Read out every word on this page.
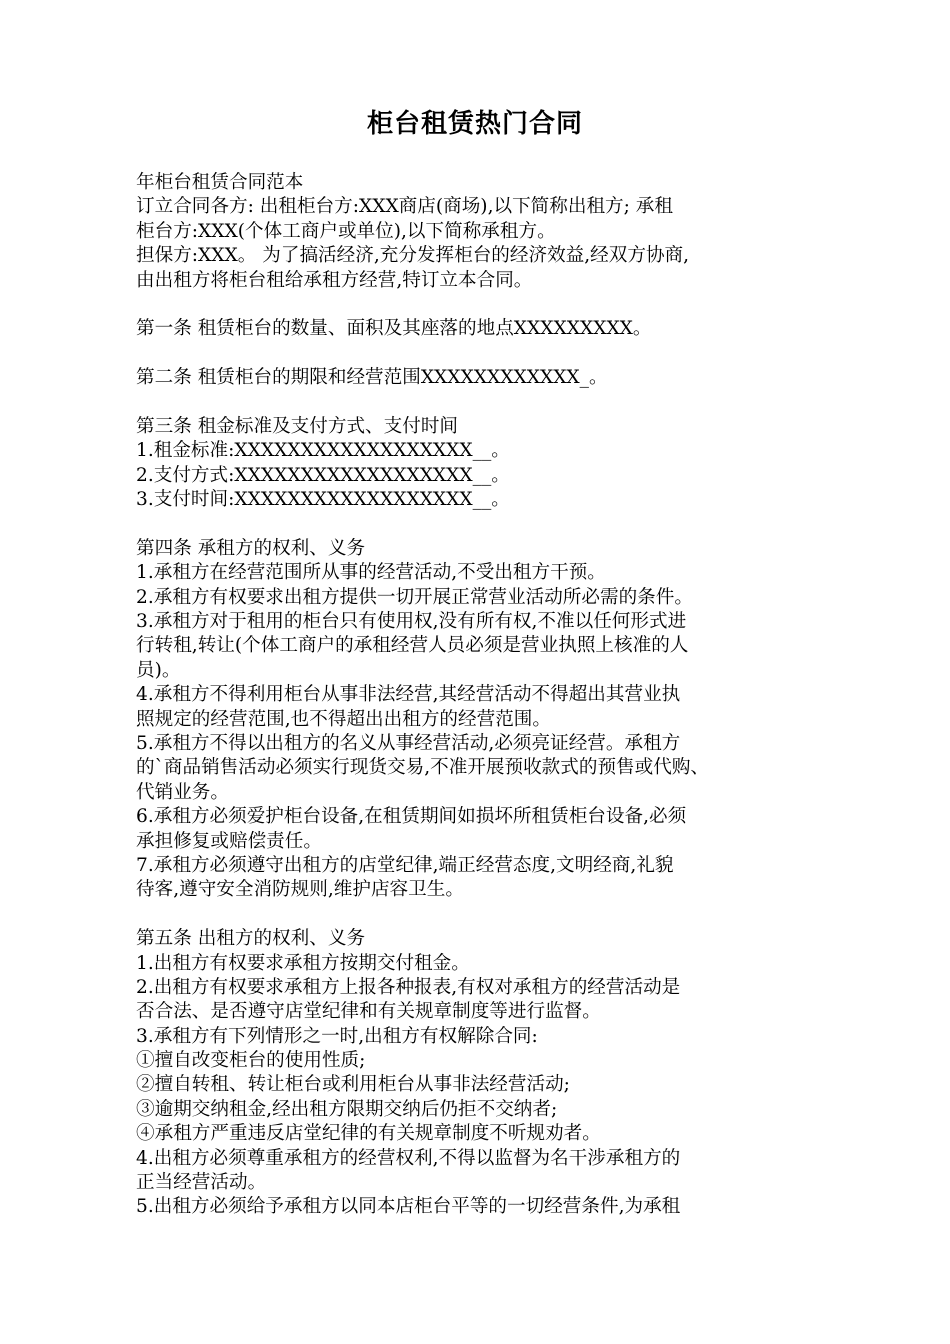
柜台租赁热门合同
年柜台租赁合同范本
订立合同各方: 出租柜台方:XXX商店(商场),以下简称出租方; 承租
柜台方:XXX(个体工商户或单位),以下简称承租方。
担保方:XXX。 为了搞活经济,充分发挥柜台的经济效益,经双方协商,
由出租方将柜台租给承租方经营,特订立本合同。
第一条 租赁柜台的数量、面积及其座落的地点XXXXXXXXX。
第二条 租赁柜台的期限和经营范围XXXXXXXXXXXX_。
第三条 租金标准及支付方式、支付时间
1.租金标准:XXXXXXXXXXXXXXXXXX__。
2.支付方式:XXXXXXXXXXXXXXXXXX__。
3.支付时间:XXXXXXXXXXXXXXXXXX__。
第四条 承租方的权利、义务
1.承租方在经营范围所从事的经营活动,不受出租方干预。
2.承租方有权要求出租方提供一切开展正常营业活动所必需的条件。
3.承租方对于租用的柜台只有使用权,没有所有权,不准以任何形式进
行转租,转让(个体工商户的承租经营人员必须是营业执照上核准的人
员)。
4.承租方不得利用柜台从事非法经营,其经营活动不得超出其营业执
照规定的经营范围,也不得超出出租方的经营范围。
5.承租方不得以出租方的名义从事经营活动,必须亮证经营。承租方
的`商品销售活动必须实行现货交易,不准开展预收款式的预售或代购、
代销业务。
6.承租方必须爱护柜台设备,在租赁期间如损坏所租赁柜台设备,必须
承担修复或赔偿责任。
7.承租方必须遵守出租方的店堂纪律,端正经营态度,文明经商,礼貌
待客,遵守安全消防规则,维护店容卫生。
第五条 出租方的权利、义务
1.出租方有权要求承租方按期交付租金。
2.出租方有权要求承租方上报各种报表,有权对承租方的经营活动是
否合法、是否遵守店堂纪律和有关规章制度等进行监督。
3.承租方有下列情形之一时,出租方有权解除合同:
①擅自改变柜台的使用性质;
②擅自转租、转让柜台或利用柜台从事非法经营活动;
③逾期交纳租金,经出租方限期交纳后仍拒不交纳者;
④承租方严重违反店堂纪律的有关规章制度不听规劝者。
4.出租方必须尊重承租方的经营权利,不得以监督为名干涉承租方的
正当经营活动。
5.出租方必须给予承租方以同本店柜台平等的一切经营条件,为承租
